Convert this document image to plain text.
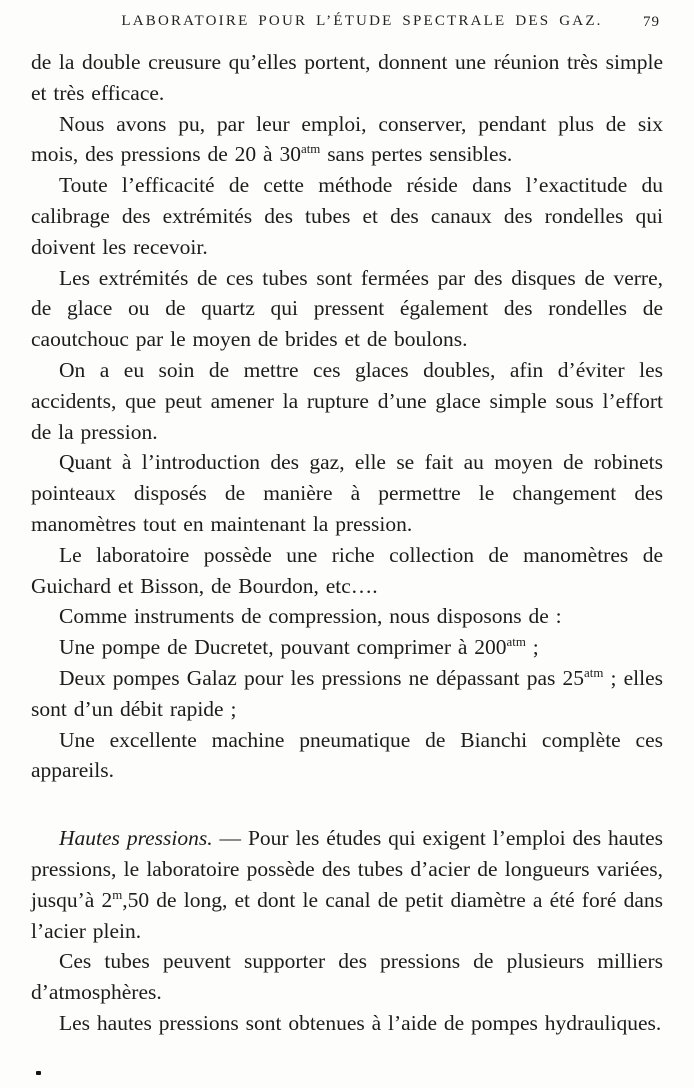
LABORATOIRE POUR L’ÉTUDE SPECTRALE DES GAZ.	79

de la double creusure qu’elles portent, donnent une réunion très simple et très efficace.

Nous avons pu, par leur emploi, conserver, pendant plus de six mois, des pressions de 20 à $30^{atm}$ sans pertes sensibles.

Toute l’efficacité de cette méthode réside dans l’exactitude du calibrage des extrémités des tubes et des canaux des rondelles qui doivent les recevoir.

Les extrémités de ces tubes sont fermées par des disques de verre, de glace ou de quartz qui pressent également des rondelles de caoutchouc par le moyen de brides et de boulons.

On a eu soin de mettre ces glaces doubles, afin d’éviter les accidents, que peut amener la rupture d’une glace simple sous l’effort de la pression.

Quant à l’introduction des gaz, elle se fait au moyen de robinets pointeaux disposés de manière à permettre le changement des manomètres tout en maintenant la pression.

Le laboratoire possède une riche collection de manomètres de Guichard et Bisson, de Bourdon, etc….

Comme instruments de compression, nous disposons de :

Une pompe de Ducretet, pouvant comprimer à $200^{atm}$ ;

Deux pompes Galaz pour les pressions ne dépassant pas $25^{atm}$ ; elles sont d’un débit rapide ;

Une excellente machine pneumatique de Bianchi complète ces appareils.

Hautes pressions. — Pour les études qui exigent l’emploi des hautes pressions, le laboratoire possède des tubes d’acier de longueurs variées, jusqu’à 2$^m$,50 de long, et dont le canal de petit diamètre a été foré dans l’acier plein.

Ces tubes peuvent supporter des pressions de plusieurs milliers d’atmosphères.

Les hautes pressions sont obtenues à l’aide de pompes hydrauliques.
